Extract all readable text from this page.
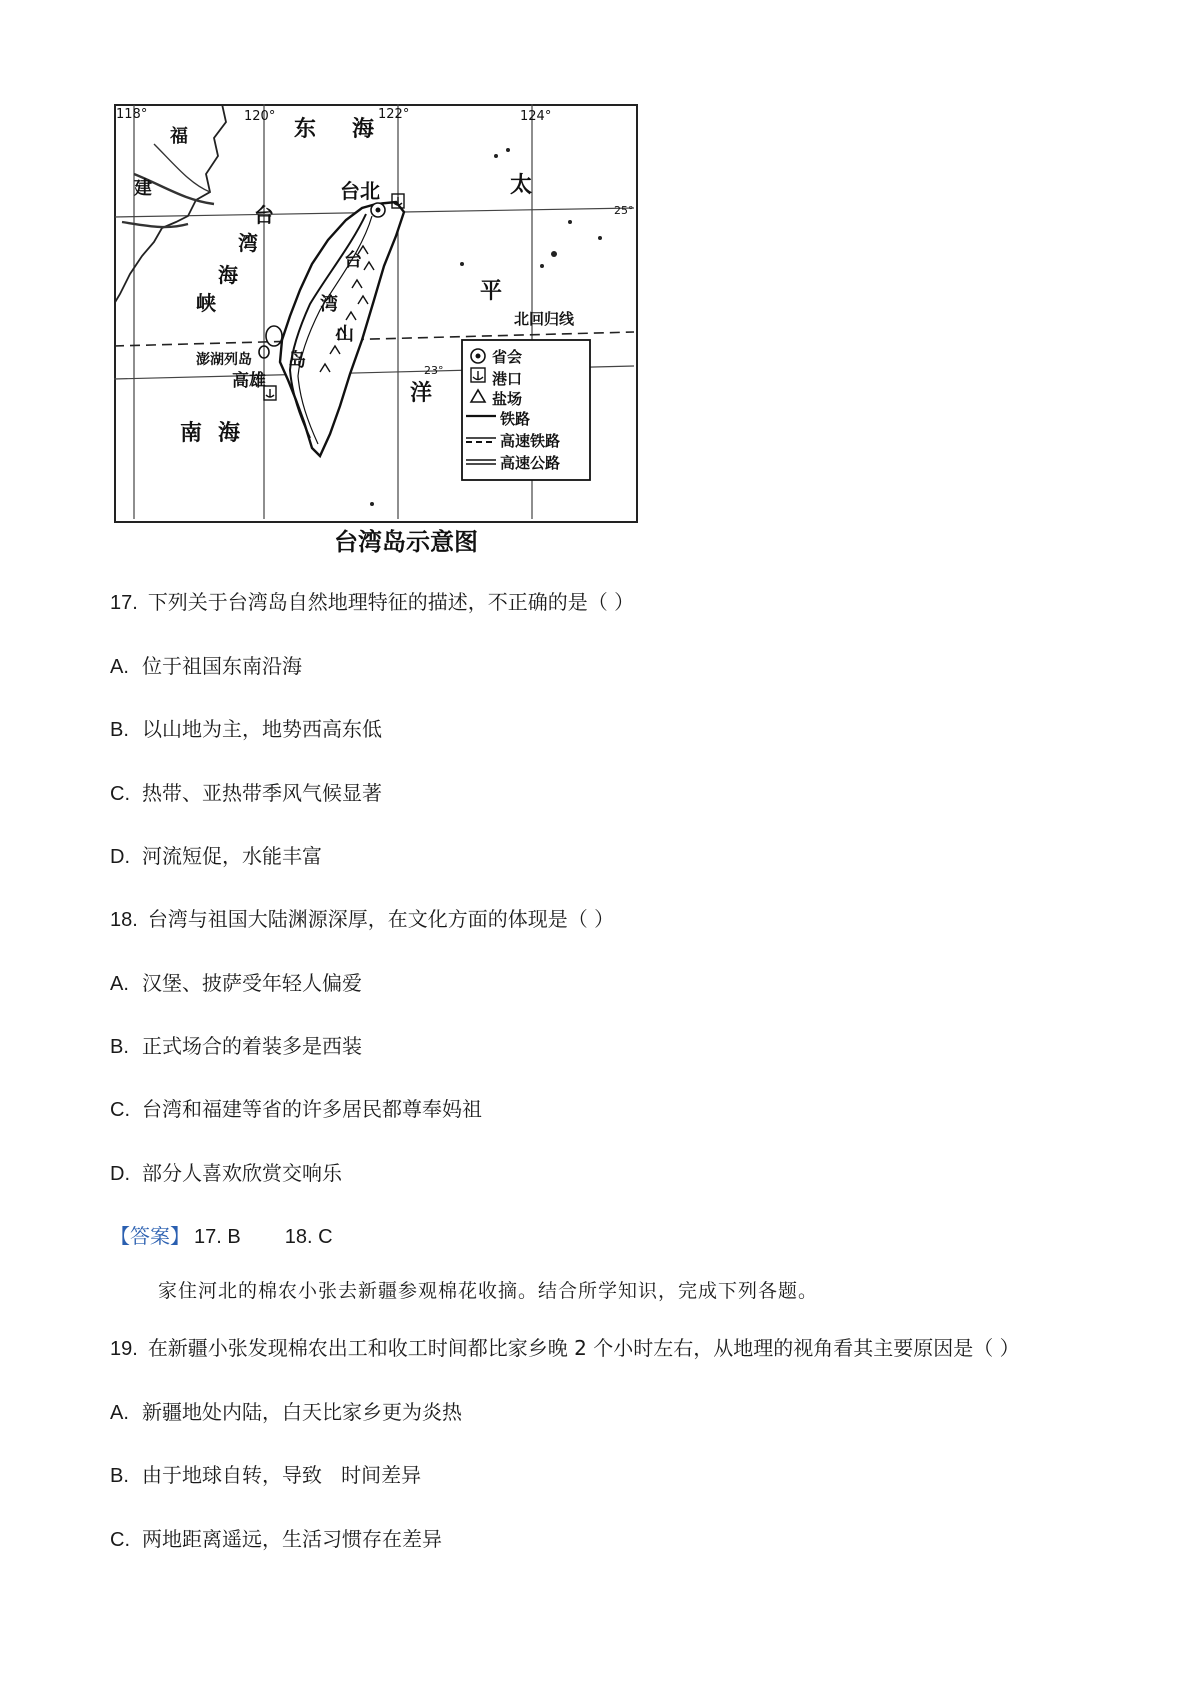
118°	120°	122°	124°
25°
23°
北回归线
东 海
福
建
台
湾
海
峡
台北
台
湾
山
岛
澎湖列岛
高雄
太
平
洋
南 海
省会
港口
盐场
铁路
高速铁路
高速公路
台湾岛示意图
17. 下列关于台湾岛自然地理特征的描述，不正确的是（ ）
A. 位于祖国东南沿海
B. 以山地为主，地势西高东低
C. 热带、亚热带季风气候显著
D. 河流短促，水能丰富
18. 台湾与祖国大陆渊源深厚，在文化方面的体现是（ ）
A. 汉堡、披萨受年轻人偏爱
B. 正式场合的着装多是西装
C. 台湾和福建等省的许多居民都尊奉妈祖
D. 部分人喜欢欣赏交响乐
【答案】 17. B 18. C
家住河北的棉农小张去新疆参观棉花收摘。结合所学知识，完成下列各题。
19. 在新疆小张发现棉农出工和收工时间都比家乡晚 2 个小时左右，从地理的视角看其主要原因是（ ）
A. 新疆地处内陆，白天比家乡更为炎热
B. 由于地球自转，导致   时间差异
C. 两地距离遥远，生活习惯存在差异
